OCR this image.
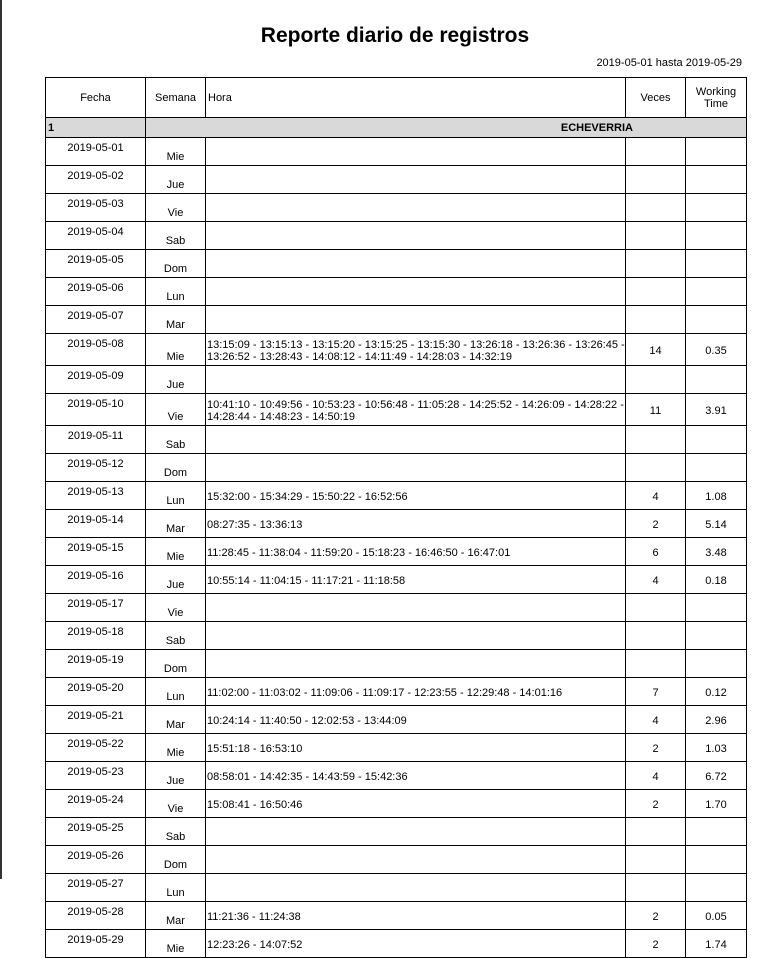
Reporte diario de registros
2019-05-01 hasta 2019-05-29
Fecha	Semana	Hora	Veces	Working Time
1	ECHEVERRIA			
2019-05-01	Mie			
2019-05-02	Jue			
2019-05-03	Vie			
2019-05-04	Sab			
2019-05-05	Dom			
2019-05-06	Lun			
2019-05-07	Mar			
2019-05-08	Mie	13:15:09 - 13:15:13 - 13:15:20 - 13:15:25 - 13:15:30 - 13:26:18 - 13:26:36 - 13:26:45 - 13:26:52 - 13:28:43 - 14:08:12 - 14:11:49 - 14:28:03 - 14:32:19	14	0.35
2019-05-09	Jue			
2019-05-10	Vie	10:41:10 - 10:49:56 - 10:53:23 - 10:56:48 - 11:05:28 - 14:25:52 - 14:26:09 - 14:28:22 - 14:28:44 - 14:48:23 - 14:50:19	11	3.91
2019-05-11	Sab			
2019-05-12	Dom			
2019-05-13	Lun	15:32:00 - 15:34:29 - 15:50:22 - 16:52:56	4	1.08
2019-05-14	Mar	08:27:35 - 13:36:13	2	5.14
2019-05-15	Mie	11:28:45 - 11:38:04 - 11:59:20 - 15:18:23 - 16:46:50 - 16:47:01	6	3.48
2019-05-16	Jue	10:55:14 - 11:04:15 - 11:17:21 - 11:18:58	4	0.18
2019-05-17	Vie			
2019-05-18	Sab			
2019-05-19	Dom			
2019-05-20	Lun	11:02:00 - 11:03:02 - 11:09:06 - 11:09:17 - 12:23:55 - 12:29:48 - 14:01:16	7	0.12
2019-05-21	Mar	10:24:14 - 11:40:50 - 12:02:53 - 13:44:09	4	2.96
2019-05-22	Mie	15:51:18 - 16:53:10	2	1.03
2019-05-23	Jue	08:58:01 - 14:42:35 - 14:43:59 - 15:42:36	4	6.72
2019-05-24	Vie	15:08:41 - 16:50:46	2	1.70
2019-05-25	Sab			
2019-05-26	Dom			
2019-05-27	Lun			
2019-05-28	Mar	11:21:36 - 11:24:38	2	0.05
2019-05-29	Mie	12:23:26 - 14:07:52	2	1.74
